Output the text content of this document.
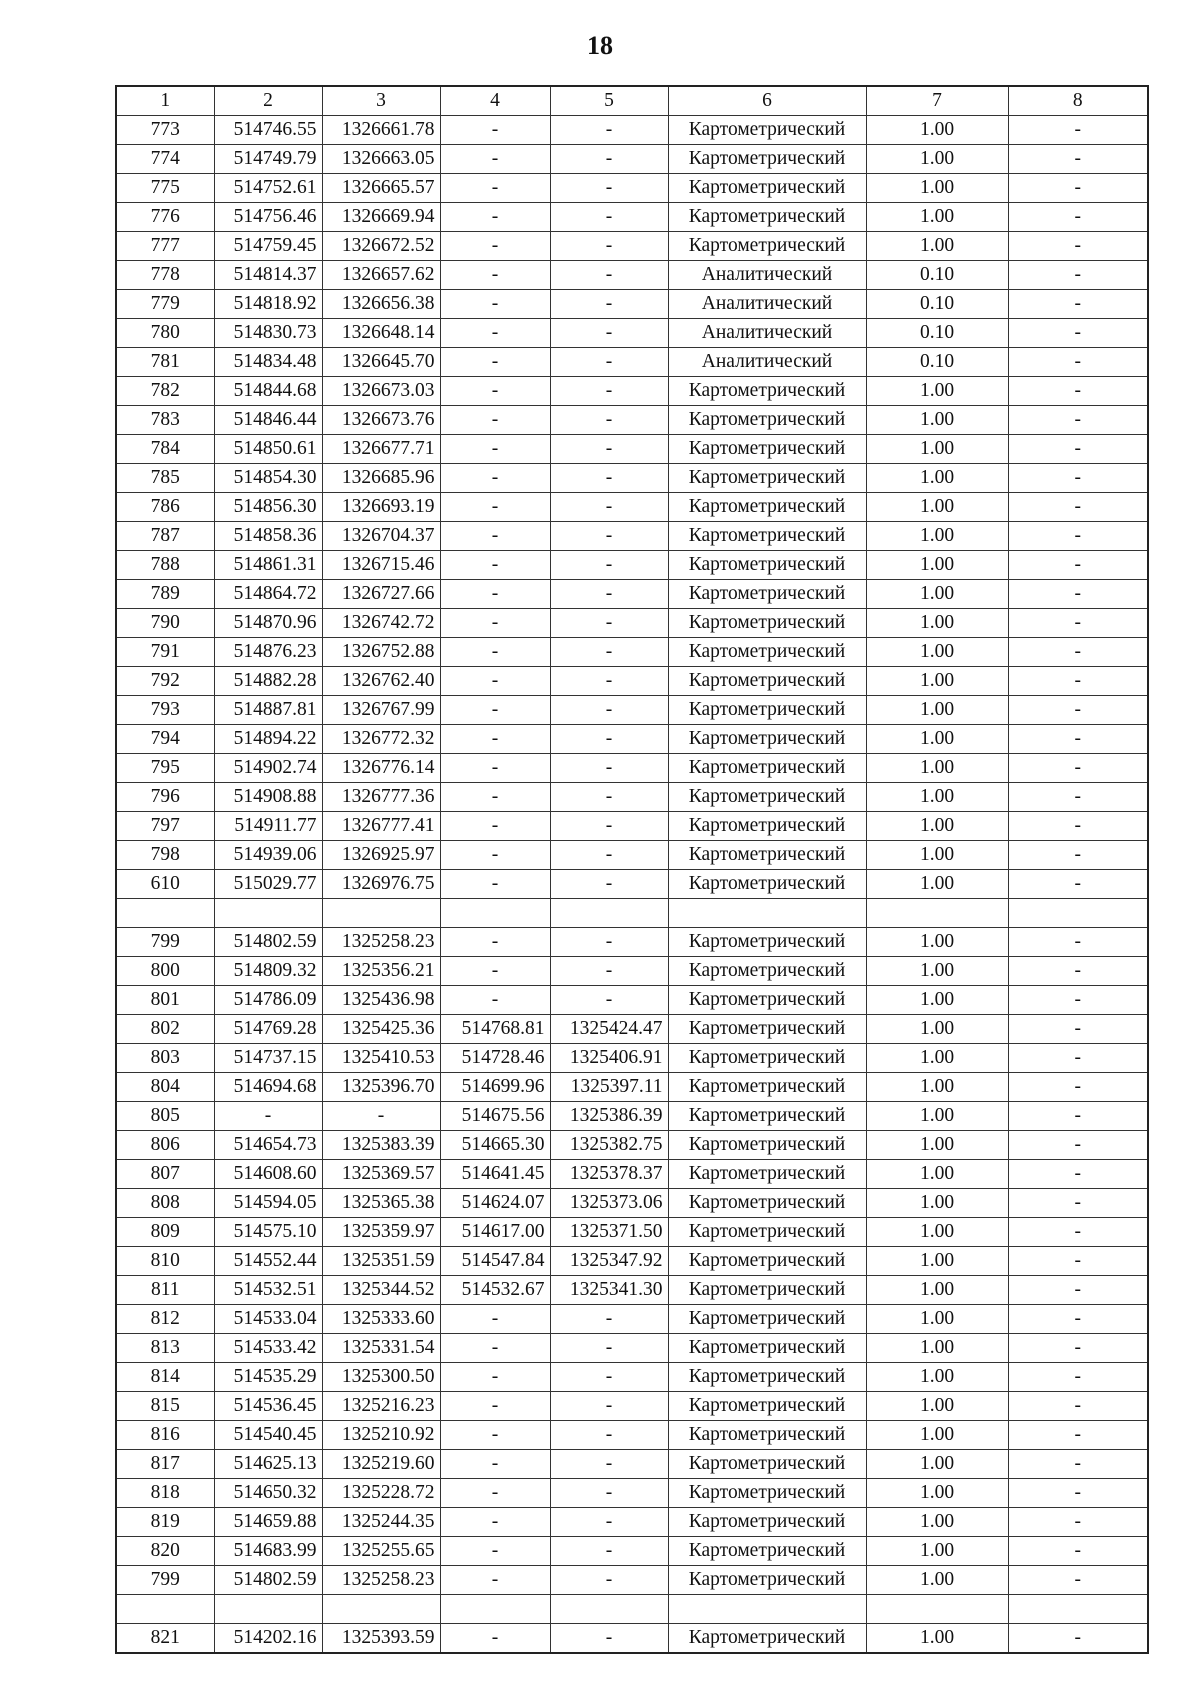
18
1	2	3	4	5	6	7	8
773	514746.55	1326661.78	-	-	Картометрический	1.00	-
774	514749.79	1326663.05	-	-	Картометрический	1.00	-
775	514752.61	1326665.57	-	-	Картометрический	1.00	-
776	514756.46	1326669.94	-	-	Картометрический	1.00	-
777	514759.45	1326672.52	-	-	Картометрический	1.00	-
778	514814.37	1326657.62	-	-	Аналитический	0.10	-
779	514818.92	1326656.38	-	-	Аналитический	0.10	-
780	514830.73	1326648.14	-	-	Аналитический	0.10	-
781	514834.48	1326645.70	-	-	Аналитический	0.10	-
782	514844.68	1326673.03	-	-	Картометрический	1.00	-
783	514846.44	1326673.76	-	-	Картометрический	1.00	-
784	514850.61	1326677.71	-	-	Картометрический	1.00	-
785	514854.30	1326685.96	-	-	Картометрический	1.00	-
786	514856.30	1326693.19	-	-	Картометрический	1.00	-
787	514858.36	1326704.37	-	-	Картометрический	1.00	-
788	514861.31	1326715.46	-	-	Картометрический	1.00	-
789	514864.72	1326727.66	-	-	Картометрический	1.00	-
790	514870.96	1326742.72	-	-	Картометрический	1.00	-
791	514876.23	1326752.88	-	-	Картометрический	1.00	-
792	514882.28	1326762.40	-	-	Картометрический	1.00	-
793	514887.81	1326767.99	-	-	Картометрический	1.00	-
794	514894.22	1326772.32	-	-	Картометрический	1.00	-
795	514902.74	1326776.14	-	-	Картометрический	1.00	-
796	514908.88	1326777.36	-	-	Картометрический	1.00	-
797	514911.77	1326777.41	-	-	Картометрический	1.00	-
798	514939.06	1326925.97	-	-	Картометрический	1.00	-
610	515029.77	1326976.75	-	-	Картометрический	1.00	-

799	514802.59	1325258.23	-	-	Картометрический	1.00	-
800	514809.32	1325356.21	-	-	Картометрический	1.00	-
801	514786.09	1325436.98	-	-	Картометрический	1.00	-
802	514769.28	1325425.36	514768.81	1325424.47	Картометрический	1.00	-
803	514737.15	1325410.53	514728.46	1325406.91	Картометрический	1.00	-
804	514694.68	1325396.70	514699.96	1325397.11	Картометрический	1.00	-
805	-	-	514675.56	1325386.39	Картометрический	1.00	-
806	514654.73	1325383.39	514665.30	1325382.75	Картометрический	1.00	-
807	514608.60	1325369.57	514641.45	1325378.37	Картометрический	1.00	-
808	514594.05	1325365.38	514624.07	1325373.06	Картометрический	1.00	-
809	514575.10	1325359.97	514617.00	1325371.50	Картометрический	1.00	-
810	514552.44	1325351.59	514547.84	1325347.92	Картометрический	1.00	-
811	514532.51	1325344.52	514532.67	1325341.30	Картометрический	1.00	-
812	514533.04	1325333.60	-	-	Картометрический	1.00	-
813	514533.42	1325331.54	-	-	Картометрический	1.00	-
814	514535.29	1325300.50	-	-	Картометрический	1.00	-
815	514536.45	1325216.23	-	-	Картометрический	1.00	-
816	514540.45	1325210.92	-	-	Картометрический	1.00	-
817	514625.13	1325219.60	-	-	Картометрический	1.00	-
818	514650.32	1325228.72	-	-	Картометрический	1.00	-
819	514659.88	1325244.35	-	-	Картометрический	1.00	-
820	514683.99	1325255.65	-	-	Картометрический	1.00	-
799	514802.59	1325258.23	-	-	Картометрический	1.00	-

821	514202.16	1325393.59	-	-	Картометрический	1.00	-
